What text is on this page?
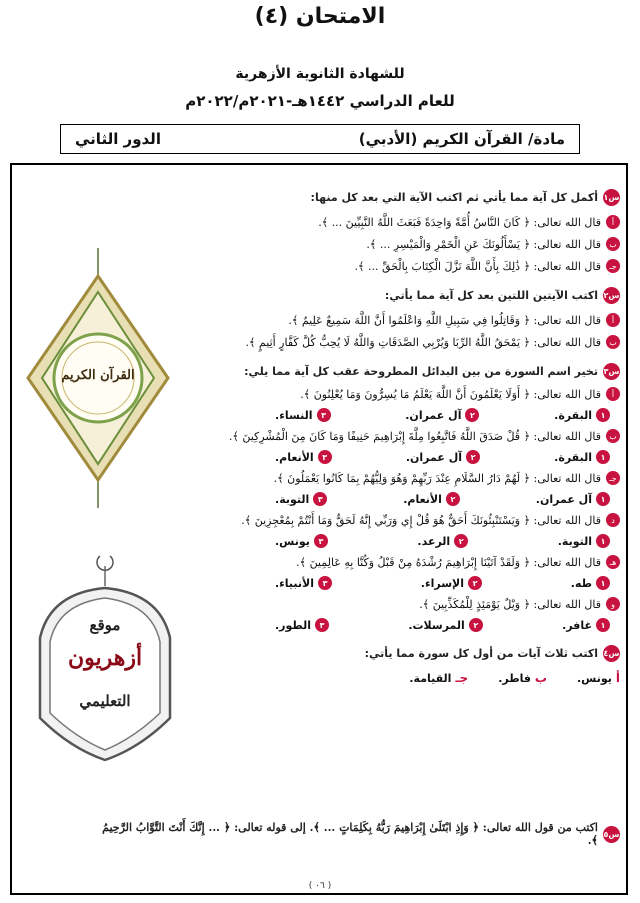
الامتحان (٤)
للشهادة الثانوية الأزهرية
للعام الدراسي ١٤٤٢هـ-٢٠٢١م/٢٠٢٢م
مادة/ القرآن الكريم (الأدبي)
الدور الثاني
القرآن الكريم
موقع
أزهريون
التعليمي
س١
أكمل كل آية مما يأتي ثم اكتب الآية التي بعد كل منها:
أ
قال الله تعالى: ﴿ كَانَ النَّاسُ أُمَّةً وَاحِدَةً فَبَعَثَ اللَّهُ النَّبِيِّينَ ... ﴾.
ب
قال الله تعالى: ﴿ يَسْأَلُونَكَ عَنِ الْخَمْرِ وَالْمَيْسِرِ ... ﴾.
جـ
قال الله تعالى: ﴿ ذَٰلِكَ بِأَنَّ اللَّهَ نَزَّلَ الْكِتَابَ بِالْحَقِّ ... ﴾.
س٢
اكتب الآيتين اللتين بعد كل آية مما يأتي:
أ
قال الله تعالى: ﴿ وَقَاتِلُوا فِي سَبِيلِ اللَّهِ وَاعْلَمُوا أَنَّ اللَّهَ سَمِيعٌ عَلِيمٌ ﴾.
ب
قال الله تعالى: ﴿ يَمْحَقُ اللَّهُ الرِّبَا وَيُرْبِي الصَّدَقَاتِ وَاللَّهُ لَا يُحِبُّ كُلَّ كَفَّارٍ أَثِيمٍ ﴾.
س٣
تخير اسم السورة من بين البدائل المطروحة عقب كل آية مما يلي:
أ
قال الله تعالى: ﴿ أَوَلَا يَعْلَمُونَ أَنَّ اللَّهَ يَعْلَمُ مَا يُسِرُّونَ وَمَا يُعْلِنُونَ ﴾.
١
البقرة.
٢
آل عمران.
٣
النساء.
ب
قال الله تعالى: ﴿ قُلْ صَدَقَ اللَّهُ فَاتَّبِعُوا مِلَّةَ إِبْرَاهِيمَ حَنِيفًا وَمَا كَانَ مِنَ الْمُشْرِكِينَ ﴾.
١
البقرة.
٢
آل عمران.
٣
الأنعام.
جـ
قال الله تعالى: ﴿ لَهُمْ دَارُ السَّلَامِ عِنْدَ رَبِّهِمْ وَهُوَ وَلِيُّهُمْ بِمَا كَانُوا يَعْمَلُونَ ﴾.
١
آل عمران.
٢
الأنعام.
٣
التوبة.
د
قال الله تعالى: ﴿ وَيَسْتَنْبِئُونَكَ أَحَقٌّ هُوَ قُلْ إِي وَرَبِّي إِنَّهُ لَحَقٌّ وَمَا أَنْتُمْ بِمُعْجِزِينَ ﴾.
١
التوبة.
٢
الرعد.
٣
يونس.
هـ
قال الله تعالى: ﴿ وَلَقَدْ آتَيْنَا إِبْرَاهِيمَ رُشْدَهُ مِنْ قَبْلُ وَكُنَّا بِهِ عَالِمِينَ ﴾.
١
طه.
٢
الإسراء.
٣
الأنبياء.
و
قال الله تعالى: ﴿ وَيْلٌ يَوْمَئِذٍ لِلْمُكَذِّبِينَ ﴾.
١
غافر.
٢
المرسلات.
٣
الطور.
س٤
اكتب ثلاث آيات من أول كل سورة مما يأتي:
أ
يونس.
ب
فاطر.
جـ
القيامة.
س٥
اكتب من قول الله تعالى: ﴿ وَإِذِ ابْتَلَىٰ إِبْرَاهِيمَ رَبُّهُ بِكَلِمَاتٍ ... ﴾. إلى قوله تعالى: ﴿ ... إِنَّكَ أَنْتَ التَّوَّابُ الرَّحِيمُ ﴾.
( ٠٦ )
